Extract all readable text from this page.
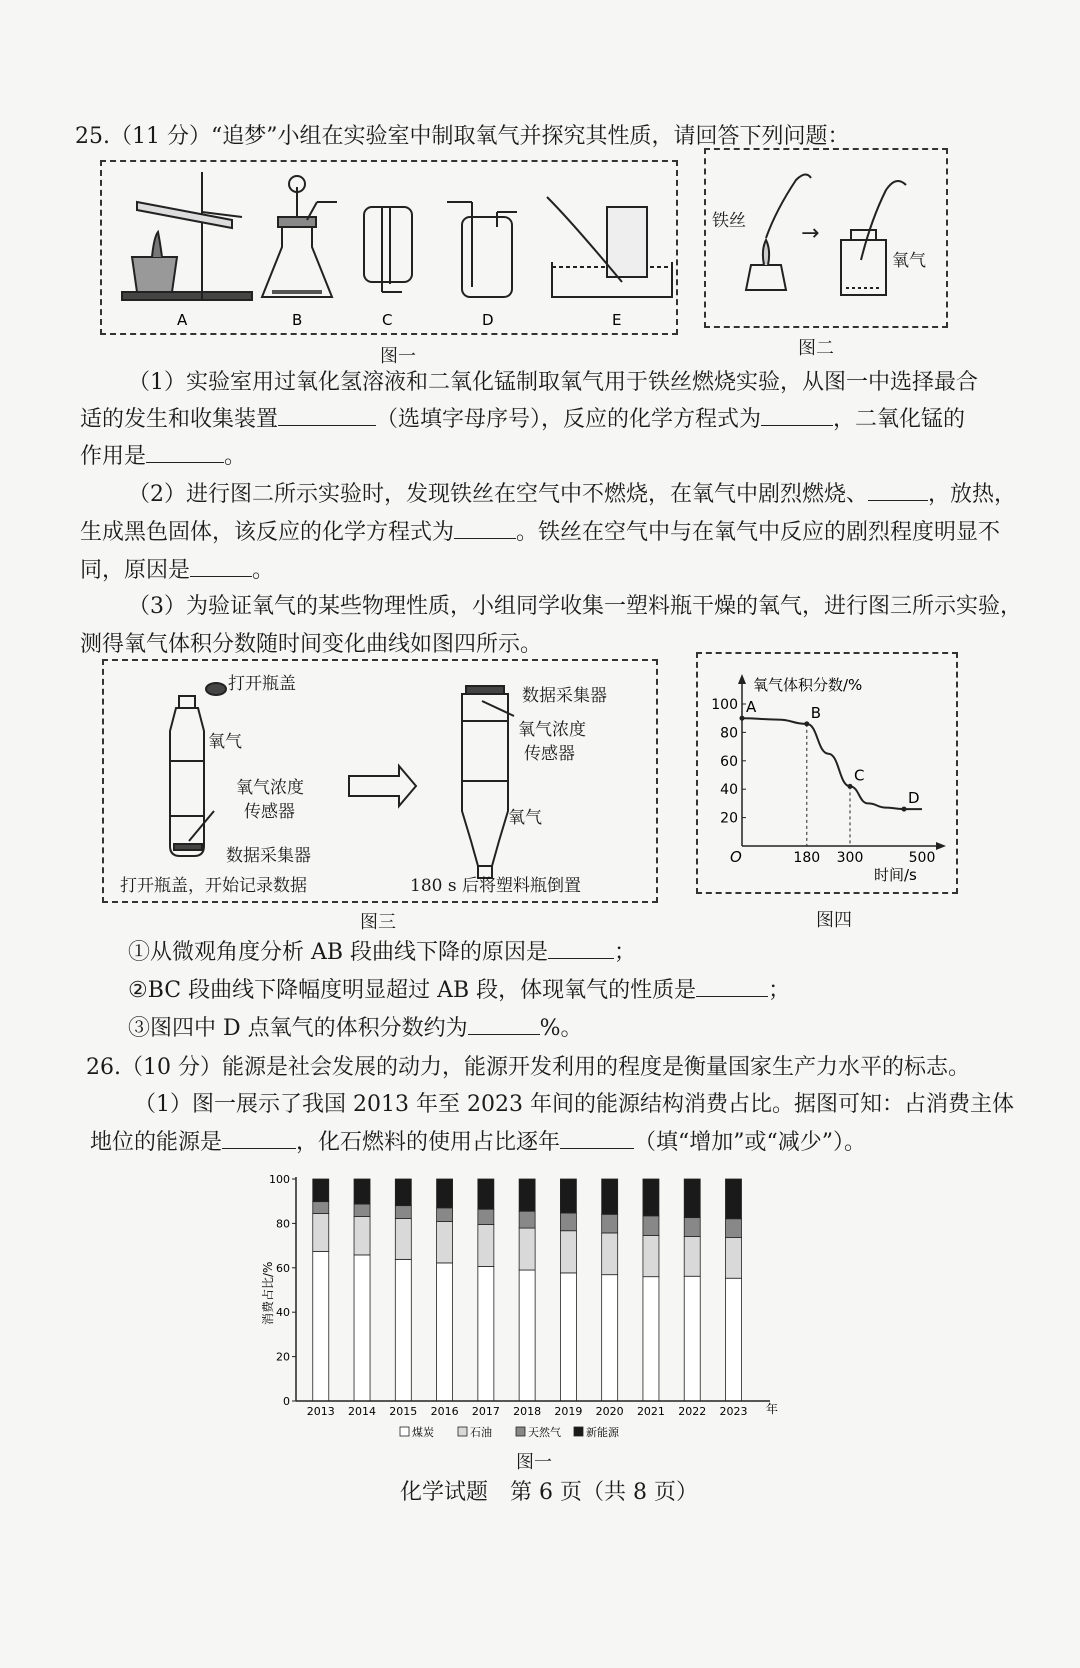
25.（11 分）“追梦”小组在实验室中制取氧气并探究其性质，请回答下列问题：
A	B	C	D	E
图一
→
铁丝
氧气
图二
（1）实验室用过氧化氢溶液和二氧化锰制取氧气用于铁丝燃烧实验，从图一中选择最合
适的发生和收集装置	（选填字母序号），反应的化学方程式为	，二氧化锰的
作用是	。
（2）进行图二所示实验时，发现铁丝在空气中不燃烧，在氧气中剧烈燃烧、	，放热，
生成黑色固体，该反应的化学方程式为	。铁丝在空气中与在氧气中反应的剧烈程度明显不
同，原因是	。
（3）为验证氧气的某些物理性质，小组同学收集一塑料瓶干燥的氧气，进行图三所示实验，
测得氧气体积分数随时间变化曲线如图四所示。
打开瓶盖
氧气
氧气浓度
传感器
数据采集器
打开瓶盖，开始记录数据
数据采集器
氧气浓度
传感器
氧气
180 s 后将塑料瓶倒置
图三
100
80
60
40
20
180 300	500
A	B
C
D
氧气体积分数/%
时间/s
O
图四
①从微观角度分析 AB 段曲线下降的原因是	；
②BC 段曲线下降幅度明显超过 AB 段，体现氧气的性质是	；
③图四中 D 点氧气的体积分数约为	%。
26.（10 分）能源是社会发展的动力，能源开发利用的程度是衡量国家生产力水平的标志。
（1）图一展示了我国 2013 年至 2023 年间的能源结构消费占比。据图可知：占消费主体
地位的能源是	，化石燃料的使用占比逐年	（填“增加”或“减少”）。
0
20
40
60
80
100
2013 2014 2015 2016 2017 2018 2019 2020 2021 2022 2023
消费占比/%
年
煤炭	石油	天然气 新能源
图一
化学试题　第 6 页（共 8 页）
